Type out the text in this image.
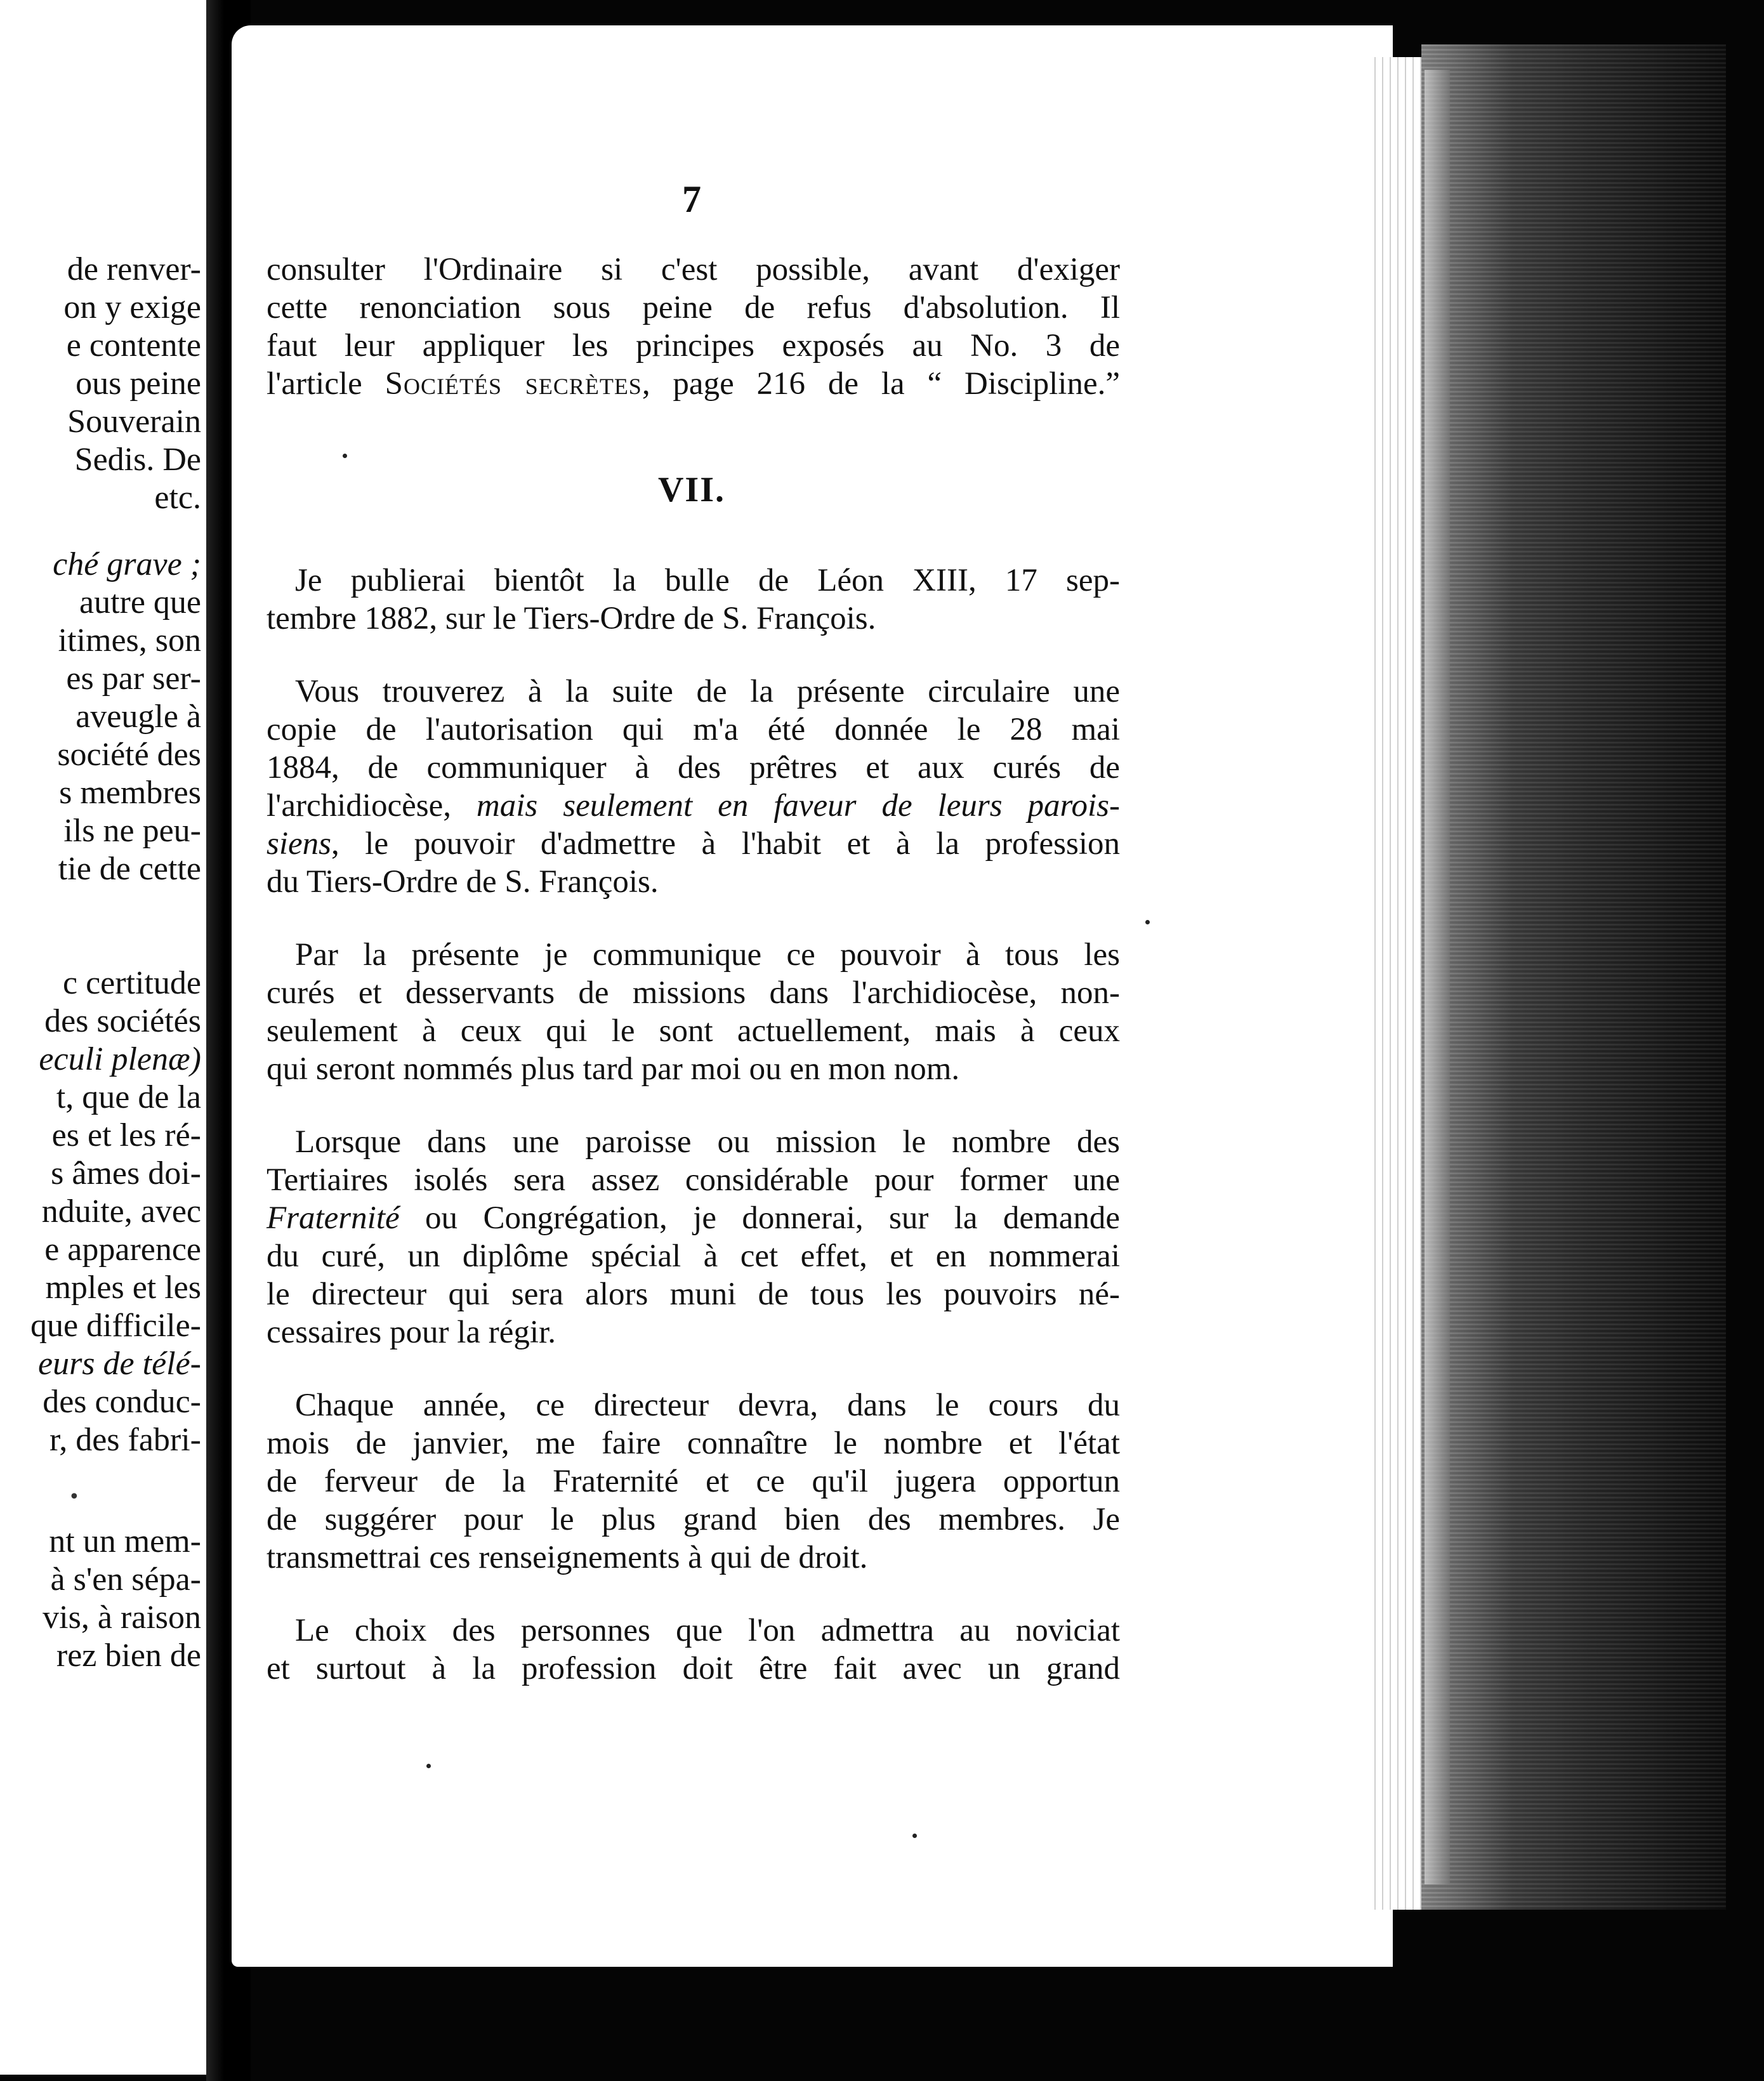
de renver-
on y exige
e contente
ous peine
Souverain
Sedis. De
etc.
ché grave ;
autre que
itimes, son
es par ser-
aveugle à
société des
s membres
ils ne peu-
tie de cette
c certitude
des sociétés
eculi plenæ)
t, que de la
es et les ré-
s âmes doi-
nduite, avec
e apparence
mples et les
que difficile-
eurs de télé-
des conduc-
r, des fabri-
nt un mem-
à s'en sépa-
vis, à raison
rez bien de
•
7
VII.
consulter l'Ordinaire si c'est possible, avant d'exiger
cette renonciation sous peine de refus d'absolution. Il
faut leur appliquer les principes exposés au No. 3 de
l'article Sociétés secrètes, page 216 de la “ Discipline.”
Je publierai bientôt la bulle de Léon XIII, 17 sep-
tembre 1882, sur le Tiers-Ordre de S. François.
Vous trouverez à la suite de la présente circulaire une
copie de l'autorisation qui m'a été donnée le 28 mai
1884, de communiquer à des prêtres et aux curés de
l'archidiocèse, mais seulement en faveur de leurs parois-
siens, le pouvoir d'admettre à l'habit et à la profession
du Tiers-Ordre de S. François.
Par la présente je communique ce pouvoir à tous les
curés et desservants de missions dans l'archidiocèse, non-
seulement à ceux qui le sont actuellement, mais à ceux
qui seront nommés plus tard par moi ou en mon nom.
Lorsque dans une paroisse ou mission le nombre des
Tertiaires isolés sera assez considérable pour former une
Fraternité ou Congrégation, je donnerai, sur la demande
du curé, un diplôme spécial à cet effet, et en nommerai
le directeur qui sera alors muni de tous les pouvoirs né-
cessaires pour la régir.
Chaque année, ce directeur devra, dans le cours du
mois de janvier, me faire connaître le nombre et l'état
de ferveur de la Fraternité et ce qu'il jugera opportun
de suggérer pour le plus grand bien des membres. Je
transmettrai ces renseignements à qui de droit.
Le choix des personnes que l'on admettra au noviciat
et surtout à la profession doit être fait avec un grand
